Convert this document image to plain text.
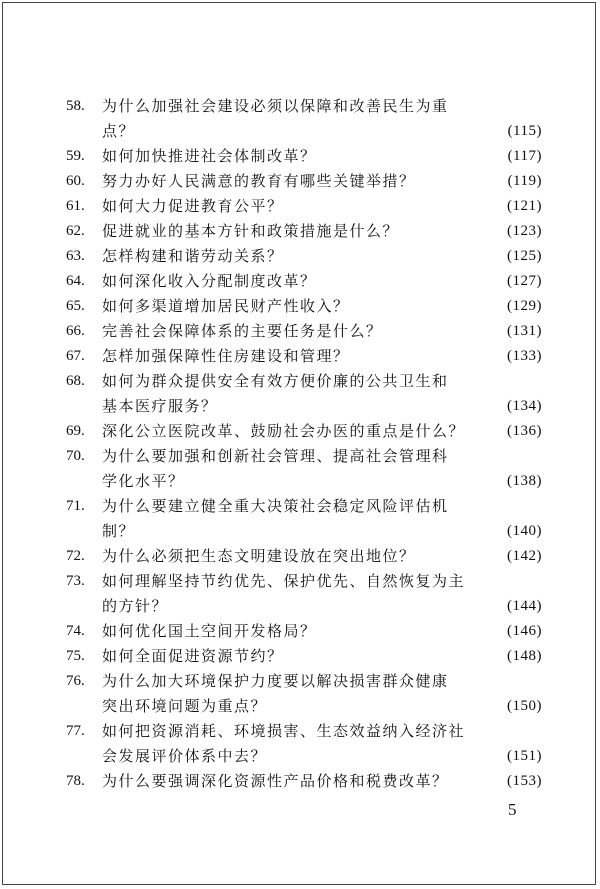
58.	为什么加强社会建设必须以保障和改善民生为重
点？	(115)
59.	如何加快推进社会体制改革？	(117)
60.	努力办好人民满意的教育有哪些关键举措？	(119)
61.	如何大力促进教育公平？	(121)
62.	促进就业的基本方针和政策措施是什么？	(123)
63.	怎样构建和谐劳动关系？	(125)
64.	如何深化收入分配制度改革？	(127)
65.	如何多渠道增加居民财产性收入？	(129)
66.	完善社会保障体系的主要任务是什么？	(131)
67.	怎样加强保障性住房建设和管理？	(133)
68.	如何为群众提供安全有效方便价廉的公共卫生和
基本医疗服务？	(134)
69.	深化公立医院改革、鼓励社会办医的重点是什么？	(136)
70.	为什么要加强和创新社会管理、提高社会管理科
学化水平？	(138)
71.	为什么要建立健全重大决策社会稳定风险评估机
制？	(140)
72.	为什么必须把生态文明建设放在突出地位？	(142)
73.	如何理解坚持节约优先、保护优先、自然恢复为主
的方针？	(144)
74.	如何优化国土空间开发格局？	(146)
75.	如何全面促进资源节约？	(148)
76.	为什么加大环境保护力度要以解决损害群众健康
突出环境问题为重点？	(150)
77.	如何把资源消耗、环境损害、生态效益纳入经济社
会发展评价体系中去？	(151)
78.	为什么要强调深化资源性产品价格和税费改革？	(153)
5
